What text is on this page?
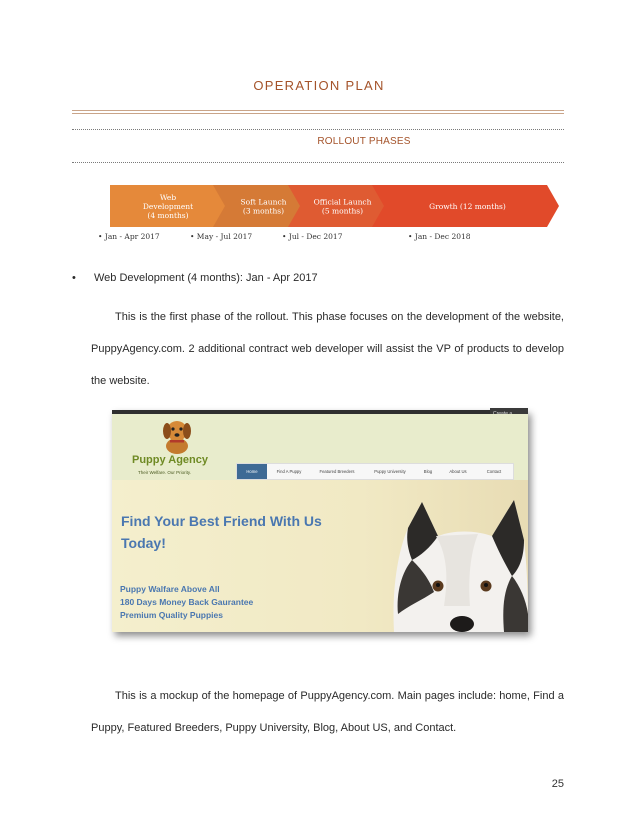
OPERATION PLAN
ROLLOUT PHASES
Web
Development
(4 months)
• Jan - Apr 2017
Soft Launch
(3 months)
• May - Jul 2017
Official Launch
(5 months)
• Jul - Dec 2017
Growth (12 months)
• Jan - Dec 2018
• Web Development (4 months): Jan - Apr 2017
This is the first phase of the rollout. This phase focuses on the development of the website, PuppyAgency.com. 2 additional contract web developer will assist the VP of products to develop the website.
Puppy Agency
Their Welfare. Our Priority.	Home	Find A Puppy	Featured Breeders	Puppy University	Blog	About Us	Contact
Find Your Best Friend With Us
Today!
Puppy Walfare Above All
180 Days Money Back Gaurantee
Premium Quality Puppies
This is a mockup of the homepage of PuppyAgency.com. Main pages include: home, Find a Puppy, Featured Breeders, Puppy University, Blog, About US, and Contact.
25
